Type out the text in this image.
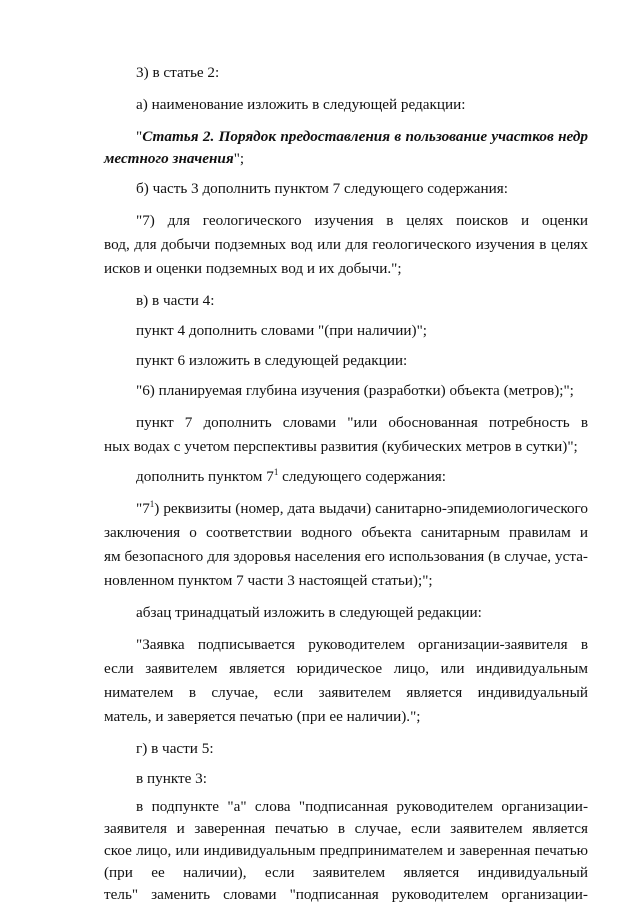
3) в статье 2:
а) наименование изложить в следующей редакции:
"Статья 2. Порядок предоставления в пользование участков недр
местного значения";
б) часть 3 дополнить пунктом 7 следующего содержания:
"7) для геологического изучения в целях поисков и оценки
вод, для добычи подземных вод или для геологического изучения в целях
исков и оценки подземных вод и их добычи.";
в) в части 4:
пункт 4 дополнить словами "(при наличии)";
пункт 6 изложить в следующей редакции:
"6) планируемая глубина изучения (разработки) объекта (метров);";
пункт 7 дополнить словами "или обоснованная потребность в
ных водах с учетом перспективы развития (кубических метров в сутки)";
дополнить пунктом $7^1$ следующего содержания:
"$7^1$) реквизиты (номер, дата выдачи) санитарно-эпидемиологического
заключения о соответствии водного объекта санитарным правилам и
ям безопасного для здоровья населения его использования (в случае, уста-
новленном пунктом 7 части 3 настоящей статьи);";
абзац тринадцатый изложить в следующей редакции:
"Заявка подписывается руководителем организации-заявителя в
если заявителем является юридическое лицо, или индивидуальным
нимателем в случае, если заявителем является индивидуальный
матель, и заверяется печатью (при ее наличии).";
г) в части 5:
в пункте 3:
в подпункте "а" слова "подписанная руководителем организации-
заявителя и заверенная печатью в случае, если заявителем является
ское лицо, или индивидуальным предпринимателем и заверенная печатью
(при ее наличии), если заявителем является индивидуальный
тель" заменить словами "подписанная руководителем организации-
